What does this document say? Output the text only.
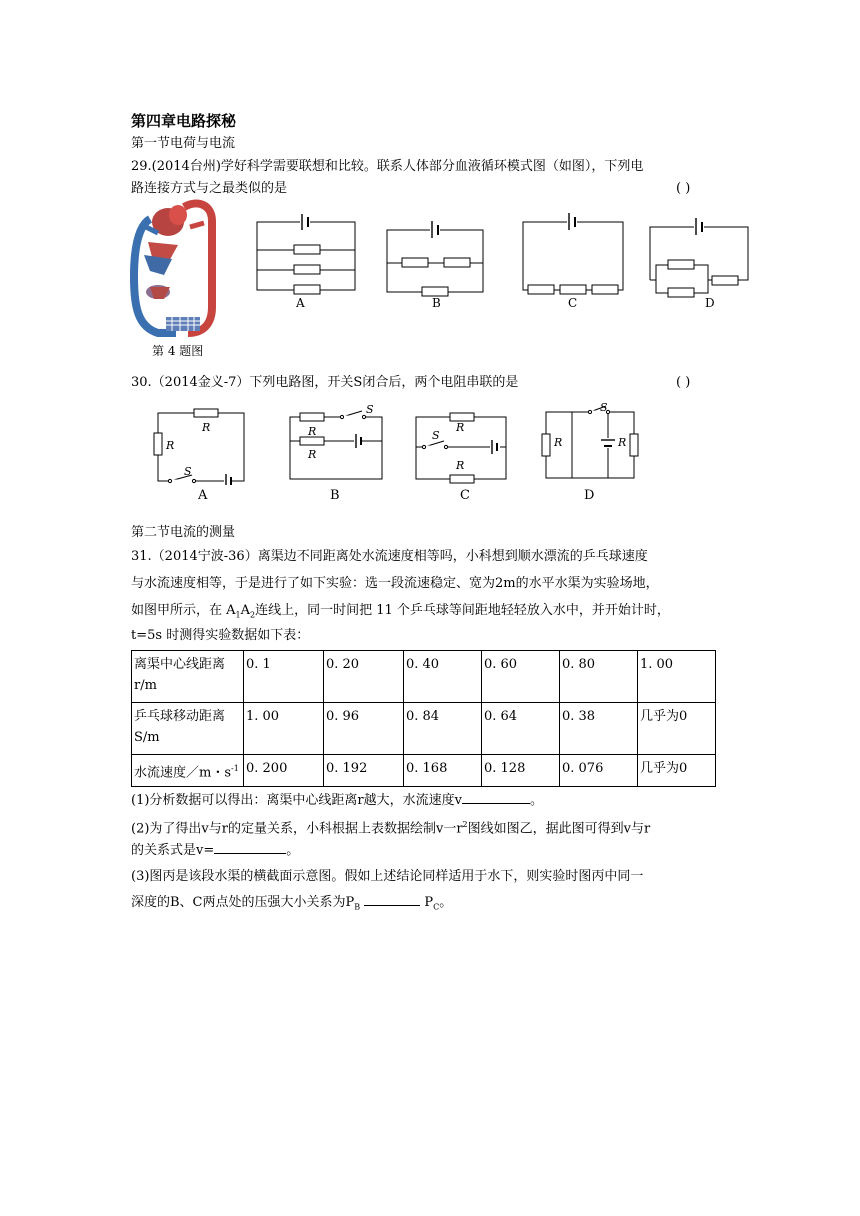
第四章电路探秘
第一节电荷与电流
29.(2014台州)学好科学需要联想和比较。联系人体部分血液循环模式图（如图），下列电
路连接方式与之最类似的是	( )
第 4 题图
A	B	C	D
30.（2014金义-7）下列电路图，开关S闭合后，两个电阻串联的是	( )
R
R
S
A
R
R
S
B
R
R
S
C
R	R
S
D
第二节电流的测量
31.（2014宁波-36）离渠边不同距离处水流速度相等吗，小科想到顺水漂流的乒乓球速度
与水流速度相等，于是进行了如下实验：选一段流速稳定、宽为2m的水平水渠为实验场地，
如图甲所示，在 $A_1A_2$连线上，同一时间把 11 个乒乓球等间距地轻轻放入水中，并开始计时，
t=5s 时测得实验数据如下表：
离渠中心线距离
r/m	0. 1	0. 20	0. 40	0. 60	0. 80	1. 00
乒乓球移动距离
S/m	1. 00	0. 96	0. 84	0. 64	0. 38	几乎为0
水流速度／m・$s^{-1}$	0. 200	0. 192	0. 168	0. 128	0. 076	几乎为0
(1)分析数据可以得出：离渠中心线距离r越大，水流速度v	。
(2)为了得出v与r的定量关系，小科根据上表数据绘制v一$r^2$图线如图乙，据此图可得到v与r
的关系式是v=	。
(3)图丙是该段水渠的横截面示意图。假如上述结论同样适用于水下，则实验时图丙中同一
深度的B、C两点处的压强大小关系为$P_B$	$P_C$。
